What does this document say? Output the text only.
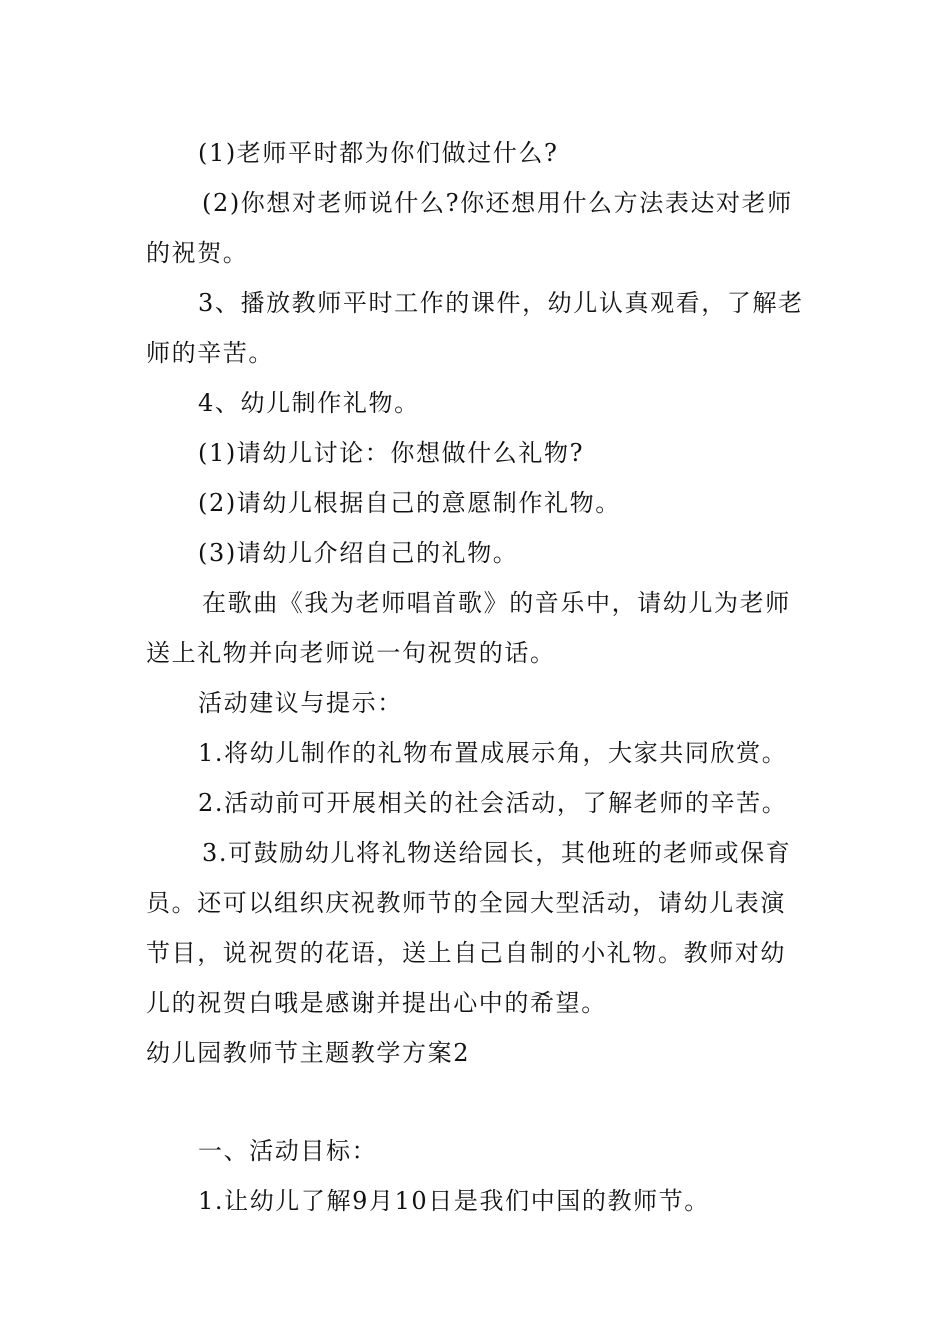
(1)老师平时都为你们做过什么?
(2)你想对老师说什么?你还想用什么方法表达对老师
的祝贺。
3、播放教师平时工作的课件，幼儿认真观看，了解老
师的辛苦。
4、幼儿制作礼物。
(1)请幼儿讨论：你想做什么礼物?
(2)请幼儿根据自己的意愿制作礼物。
(3)请幼儿介绍自己的礼物。
在歌曲《我为老师唱首歌》的音乐中，请幼儿为老师
送上礼物并向老师说一句祝贺的话。
活动建议与提示：
1.将幼儿制作的礼物布置成展示角，大家共同欣赏。
2.活动前可开展相关的社会活动，了解老师的辛苦。
3.可鼓励幼儿将礼物送给园长，其他班的老师或保育
员。还可以组织庆祝教师节的全园大型活动，请幼儿表演
节目，说祝贺的花语，送上自己自制的小礼物。教师对幼
儿的祝贺白哦是感谢并提出心中的希望。
幼儿园教师节主题教学方案2
一、活动目标：
1.让幼儿了解9月10日是我们中国的教师节。
